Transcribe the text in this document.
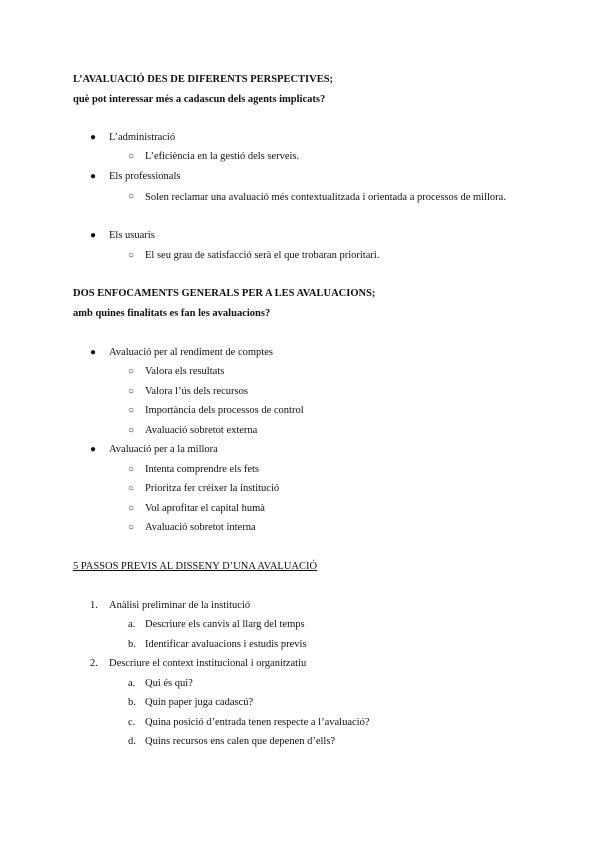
L’AVALUACIÓ DES DE DIFERENTS PERSPECTIVES;
què pot interessar més a cadascun dels agents implicats?
● L’administració
○ L’eficiència en la gestió dels serveis.
● Els professionals
○ Solen reclamar una avaluació més contextualitzada i orientada a processos de millora.
● Els usuaris
○ El seu grau de satisfacció serà el que trobaran prioritari.
DOS ENFOCAMENTS GENERALS PER A LES AVALUACIONS;
amb quines finalitats es fan les avaluacions?
● Avaluació per al rendiment de comptes
○ Valora els resultats
○ Valora l’ús dels recursos
○ Importància dels processos de control
○ Avaluació sobretot externa
● Avaluació per a la millora
○ Intenta comprendre els fets
○ Prioritza fer créixer la institució
○ Vol aprofitar el capital humà
○ Avaluació sobretot interna
5 PASSOS PREVIS AL DISSENY D’UNA AVALUACIÓ
1. Anàlisi preliminar de la institució
a. Descriure els canvis al llarg del temps
b. Identificar avaluacions i estudis previs
2. Descriure el context institucional i organitzatiu
a. Qui és qui?
b. Quin paper juga cadascú?
c. Quina posició d’entrada tenen respecte a l’avaluació?
d. Quins recursos ens calen que depenen d’ells?
